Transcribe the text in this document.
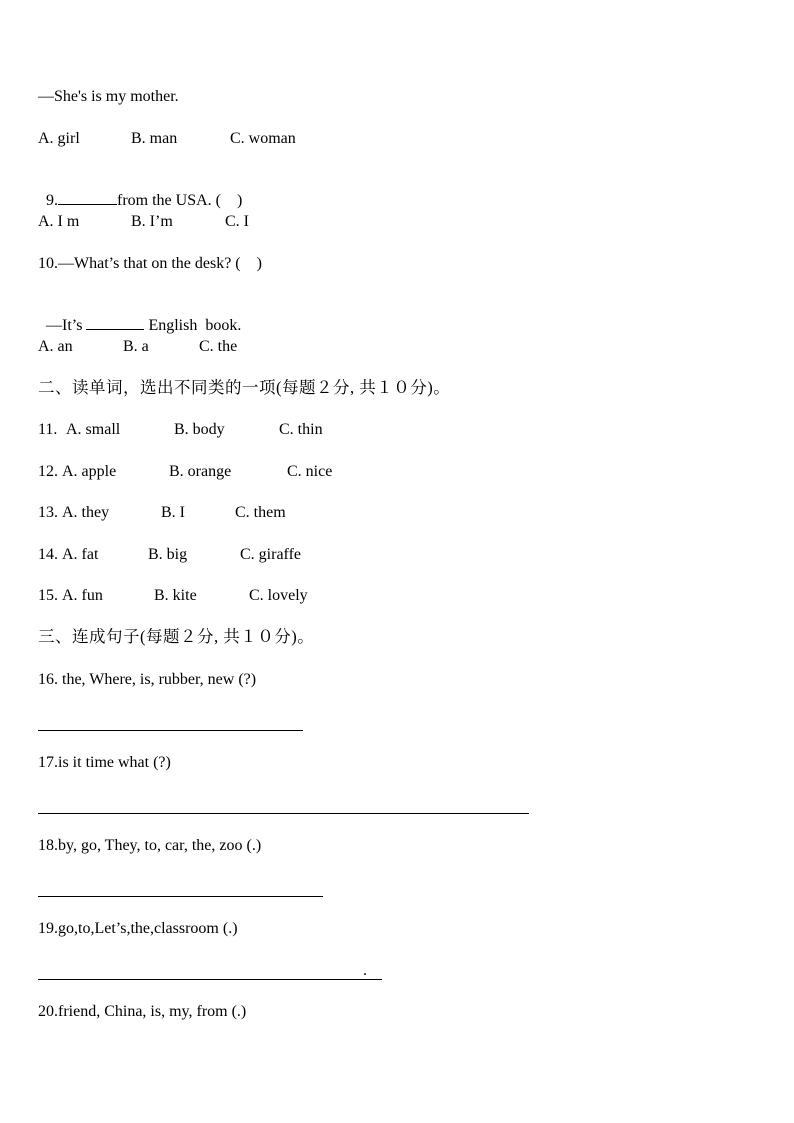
—She's is my mother.
A. girl	B. man	C. woman

9.	from the USA. (    )

A. I m	B. I’m	C. I
10.—What’s that on the desk? (    )

—It’s	English  book.

A. an	B. a	C. the
二、读单词，选出不同类的一项(每题２分, 共１０分)。
11. A. small	B. body	C. thin
12. A. apple	B. orange	C. nice
13. A. they	B. I	C. them
14. A. fat	B. big	C. giraffe
15. A. fun	B. kite	C. lovely
三、连成句子(每题２分, 共１０分)。
16. the, Where, is, rubber, new (?)
17.is it time what (?)
18.by, go, They, to, car, the, zoo (.)
19.go,to,Let’s,the,classroom (.)
.
20.friend, China, is, my, from (.)
